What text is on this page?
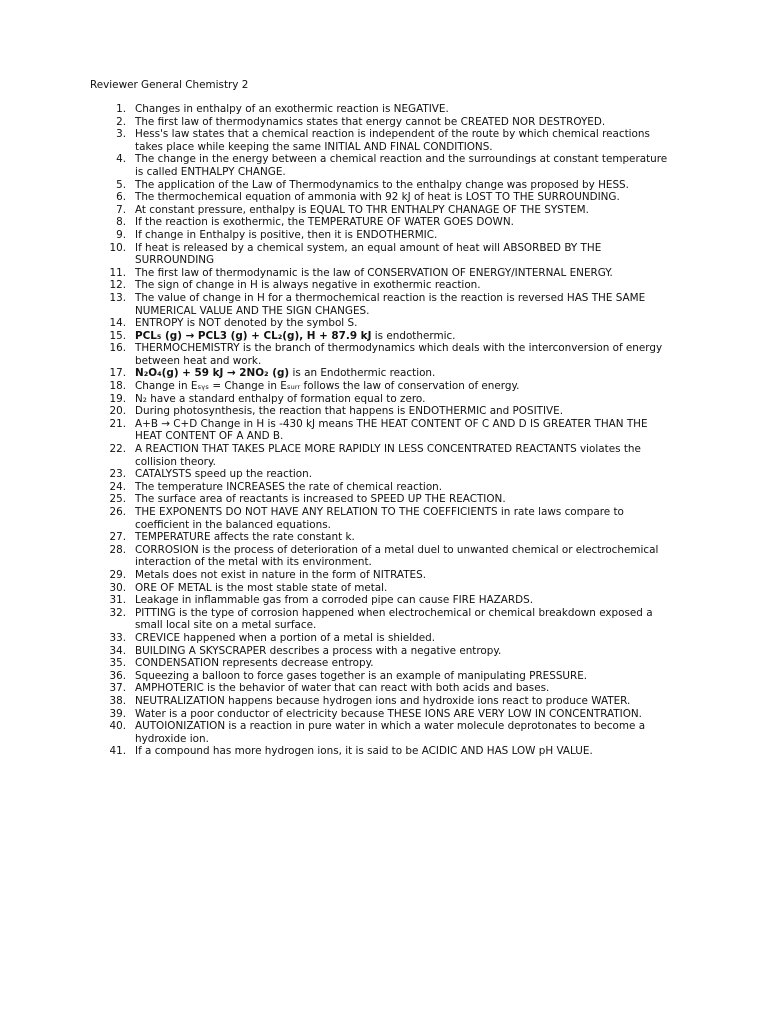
Reviewer General Chemistry 2
1. Changes in enthalpy of an exothermic reaction is NEGATIVE.
2. The first law of thermodynamics states that energy cannot be CREATED NOR DESTROYED.
3. Hess's law states that a chemical reaction is independent of the route by which chemical reactions
takes place while keeping the same INITIAL AND FINAL CONDITIONS.
4. The change in the energy between a chemical reaction and the surroundings at constant temperature
is called ENTHALPY CHANGE.
5. The application of the Law of Thermodynamics to the enthalpy change was proposed by HESS.
6. The thermochemical equation of ammonia with 92 kJ of heat is LOST TO THE SURROUNDING.
7. At constant pressure, enthalpy is EQUAL TO THR ENTHALPY CHANAGE OF THE SYSTEM.
8. If the reaction is exothermic, the TEMPERATURE OF WATER GOES DOWN.
9. If change in Enthalpy is positive, then it is ENDOTHERMIC.
10. If heat is released by a chemical system, an equal amount of heat will ABSORBED BY THE
SURROUNDING
11. The first law of thermodynamic is the law of CONSERVATION OF ENERGY/INTERNAL ENERGY.
12. The sign of change in H is always negative in exothermic reaction.
13. The value of change in H for a thermochemical reaction is the reaction is reversed HAS THE SAME
NUMERICAL VALUE AND THE SIGN CHANGES.
14. ENTROPY is NOT denoted by the symbol S.
15. PCL₅ (g) → PCL3 (g) + CL₂(g), H + 87.9 kJ is endothermic.
16. THERMOCHEMISTRY is the branch of thermodynamics which deals with the interconversion of energy
between heat and work.
17. N₂O₄(g) + 59 kJ → 2NO₂ (g) is an Endothermic reaction.
18. Change in Eₛᵧₛ = Change in Eₛᵤᵣᵣ follows the law of conservation of energy.
19. N₂ have a standard enthalpy of formation equal to zero.
20. During photosynthesis, the reaction that happens is ENDOTHERMIC and POSITIVE.
21. A+B → C+D Change in H is -430 kJ means THE HEAT CONTENT OF C AND D IS GREATER THAN THE
HEAT CONTENT OF A AND B.
22. A REACTION THAT TAKES PLACE MORE RAPIDLY IN LESS CONCENTRATED REACTANTS violates the
collision theory.
23. CATALYSTS speed up the reaction.
24. The temperature INCREASES the rate of chemical reaction.
25. The surface area of reactants is increased to SPEED UP THE REACTION.
26. THE EXPONENTS DO NOT HAVE ANY RELATION TO THE COEFFICIENTS in rate laws compare to
coefficient in the balanced equations.
27. TEMPERATURE affects the rate constant k.
28. CORROSION is the process of deterioration of a metal duel to unwanted chemical or electrochemical
interaction of the metal with its environment.
29. Metals does not exist in nature in the form of NITRATES.
30. ORE OF METAL is the most stable state of metal.
31. Leakage in inflammable gas from a corroded pipe can cause FIRE HAZARDS.
32. PITTING is the type of corrosion happened when electrochemical or chemical breakdown exposed a
small local site on a metal surface.
33. CREVICE happened when a portion of a metal is shielded.
34. BUILDING A SKYSCRAPER describes a process with a negative entropy.
35. CONDENSATION represents decrease entropy.
36. Squeezing a balloon to force gases together is an example of manipulating PRESSURE.
37. AMPHOTERIC is the behavior of water that can react with both acids and bases.
38. NEUTRALIZATION happens because hydrogen ions and hydroxide ions react to produce WATER.
39. Water is a poor conductor of electricity because THESE IONS ARE VERY LOW IN CONCENTRATION.
40. AUTOIONIZATION is a reaction in pure water in which a water molecule deprotonates to become a
hydroxide ion.
41. If a compound has more hydrogen ions, it is said to be ACIDIC AND HAS LOW pH VALUE.
